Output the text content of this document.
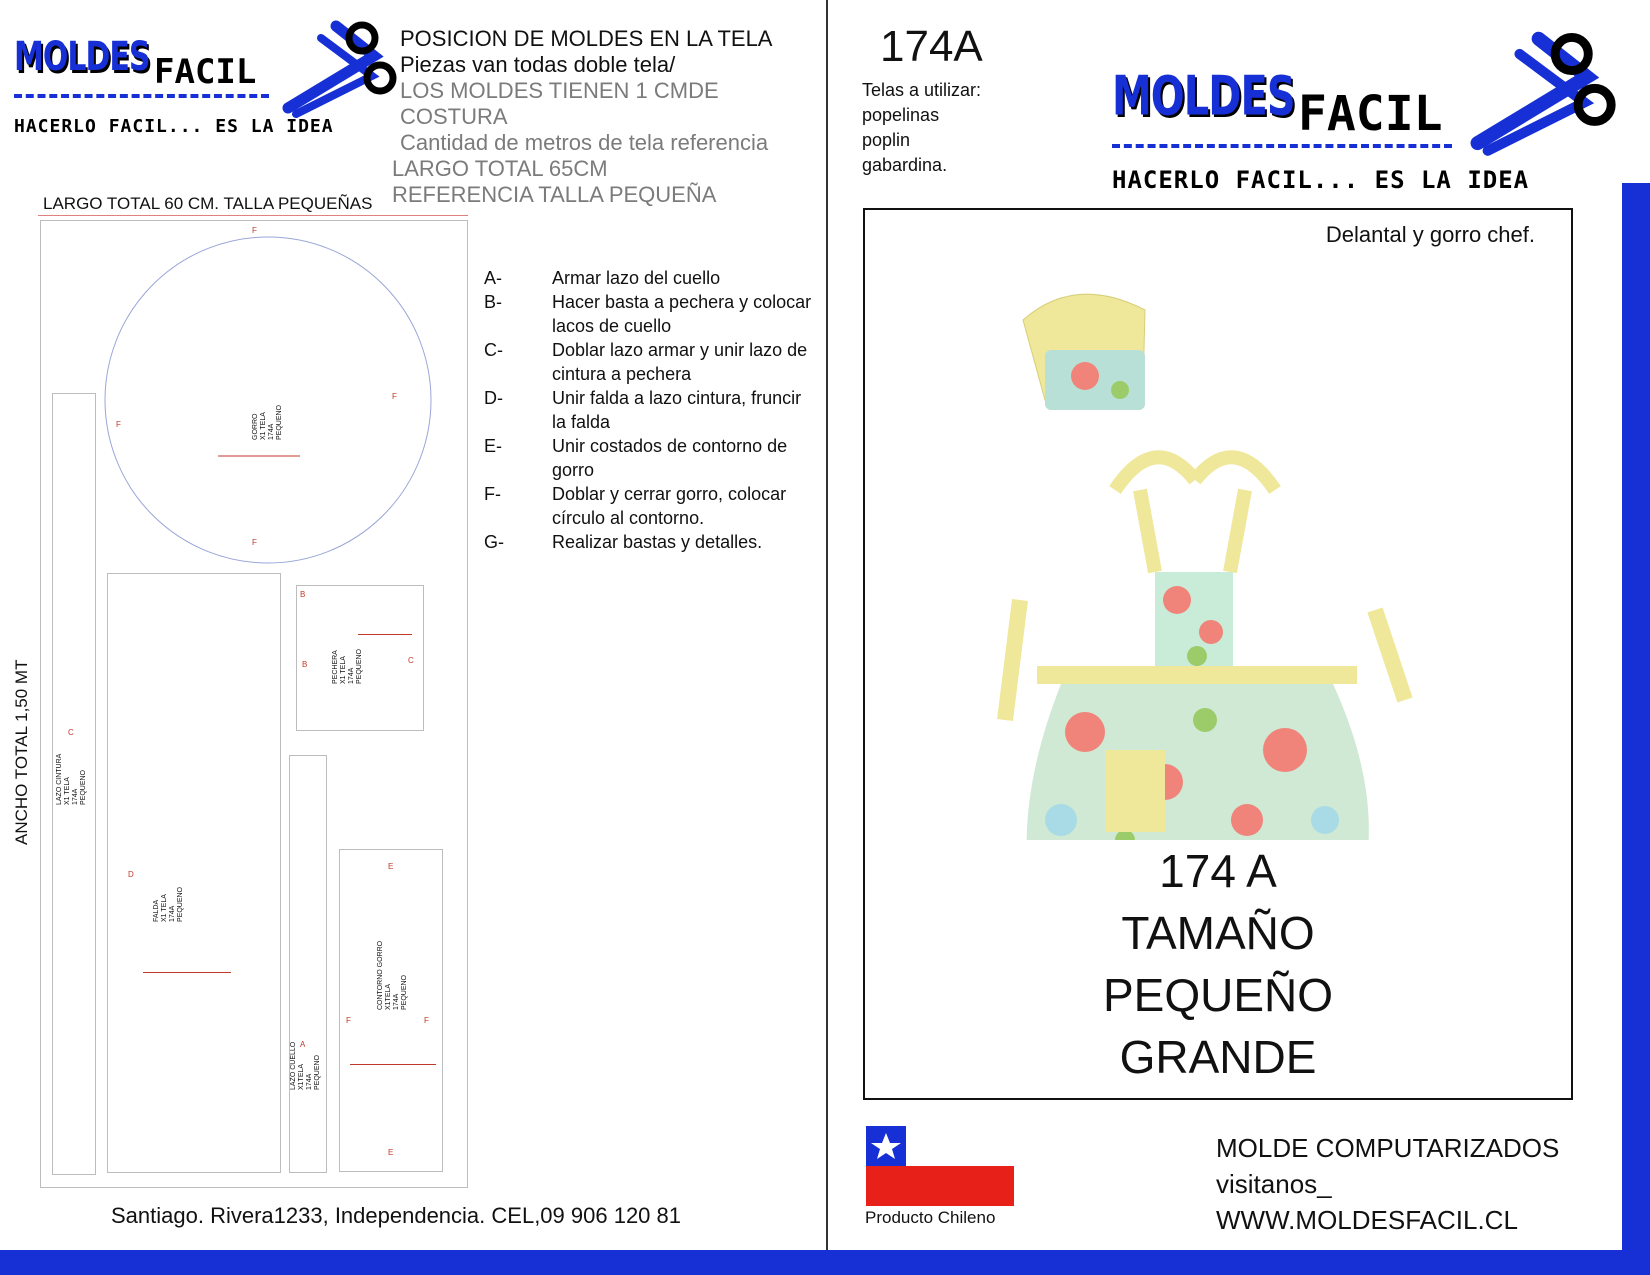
MOLDES FACIL
HACERLO FACIL... ES LA IDEA
POSICION DE MOLDES EN LA TELA
Piezas van todas doble tela/
LOS MOLDES TIENEN 1 CMDE COSTURA
Cantidad de metros de tela referencia
LARGO TOTAL 65CM
REFERENCIA TALLA PEQUEÑA
LARGO TOTAL 60 CM. TALLA PEQUEÑAS
ANCHO TOTAL 1,50 MT
GORRO
X1 TELA
174A
PEQUENO
F
F
F
F
LAZO CINTURA
X1 TELA
174A
PEQUENO
C
FALDA
X1 TELA
174A
PEQUENO
D
PECHERA
X1 TELA
174A
PEQUENO
B
B	C
LAZO CUELLO
X1TELA
174A
PEQUENO
A
CONTORNO GORRO
X1TELA
174A
PEQUENO
E
E
F	F
A-	Armar lazo del cuello
B-	Hacer basta a pechera y colocar lacos de cuello
C-	Doblar lazo armar y unir lazo de cintura a pechera
D-	Unir falda a lazo cintura, fruncir la falda
E-	Unir costados de contorno de gorro
F-	Doblar y cerrar gorro, colocar círculo al contorno.
G-	Realizar bastas y detalles.
Santiago. Rivera1233, Independencia. CEL,09 906 120 81
174A
Telas a utilizar:
popelinas
poplin
gabardina.
MOLDES FACIL
HACERLO FACIL... ES LA IDEA
Delantal y gorro chef.
174 A
TAMAÑO
PEQUEÑO
GRANDE
Producto Chileno
MOLDE COMPUTARIZADOS
visitanos_
WWW.MOLDESFACIL.CL
